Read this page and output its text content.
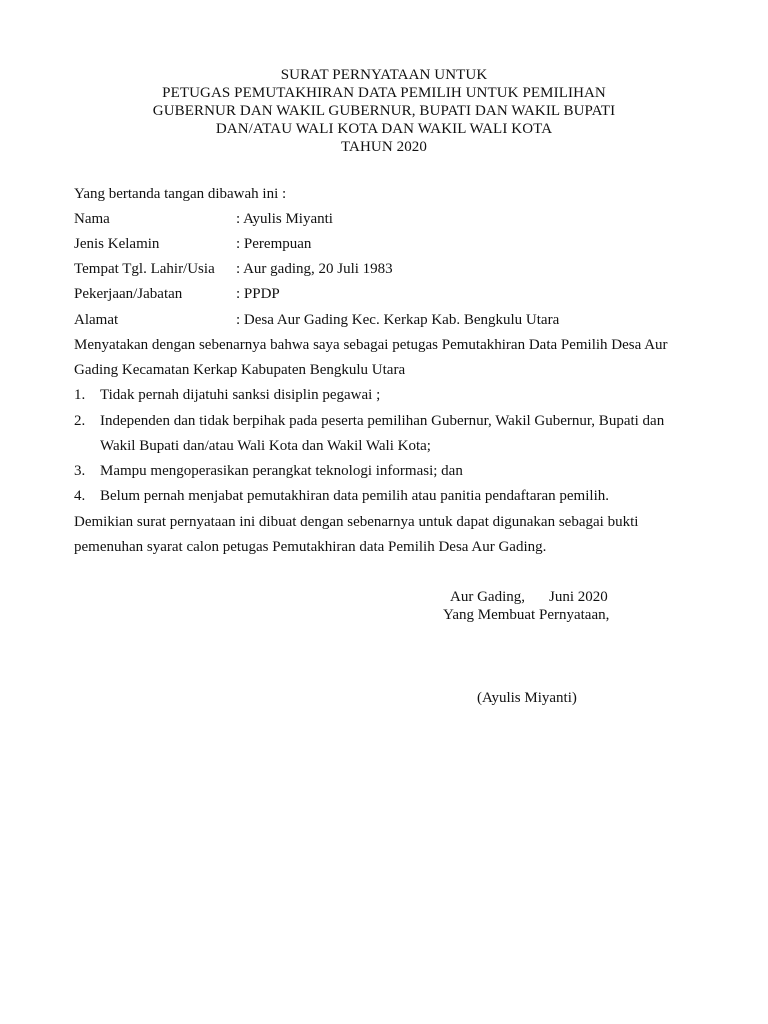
SURAT PERNYATAAN UNTUK
PETUGAS PEMUTAKHIRAN DATA PEMILIH UNTUK PEMILIHAN
GUBERNUR DAN WAKIL GUBERNUR, BUPATI DAN WAKIL BUPATI
DAN/ATAU WALI KOTA DAN WAKIL WALI KOTA
TAHUN 2020
Yang bertanda tangan dibawah ini :
Nama	: Ayulis Miyanti
Jenis Kelamin	: Perempuan
Tempat Tgl. Lahir/Usia : Aur gading, 20 Juli 1983
Pekerjaan/Jabatan	: PPDP
Alamat	: Desa Aur Gading Kec. Kerkap Kab. Bengkulu Utara
Menyatakan dengan sebenarnya bahwa saya sebagai petugas Pemutakhiran Data Pemilih Desa Aur
Gading Kecamatan Kerkap Kabupaten Bengkulu Utara
1. Tidak pernah dijatuhi sanksi disiplin pegawai ;
2. Independen dan tidak berpihak pada peserta pemilihan Gubernur, Wakil Gubernur, Bupati dan
Wakil Bupati dan/atau Wali Kota dan Wakil Wali Kota;
3. Mampu mengoperasikan perangkat teknologi informasi; dan
4. Belum pernah menjabat pemutakhiran data pemilih atau panitia pendaftaran pemilih.
Demikian surat pernyataan ini dibuat dengan sebenarnya untuk dapat digunakan sebagai bukti
pemenuhan syarat calon petugas Pemutakhiran data Pemilih Desa Aur Gading.
Aur Gading, Juni 2020
Yang Membuat Pernyataan,
(Ayulis Miyanti)
